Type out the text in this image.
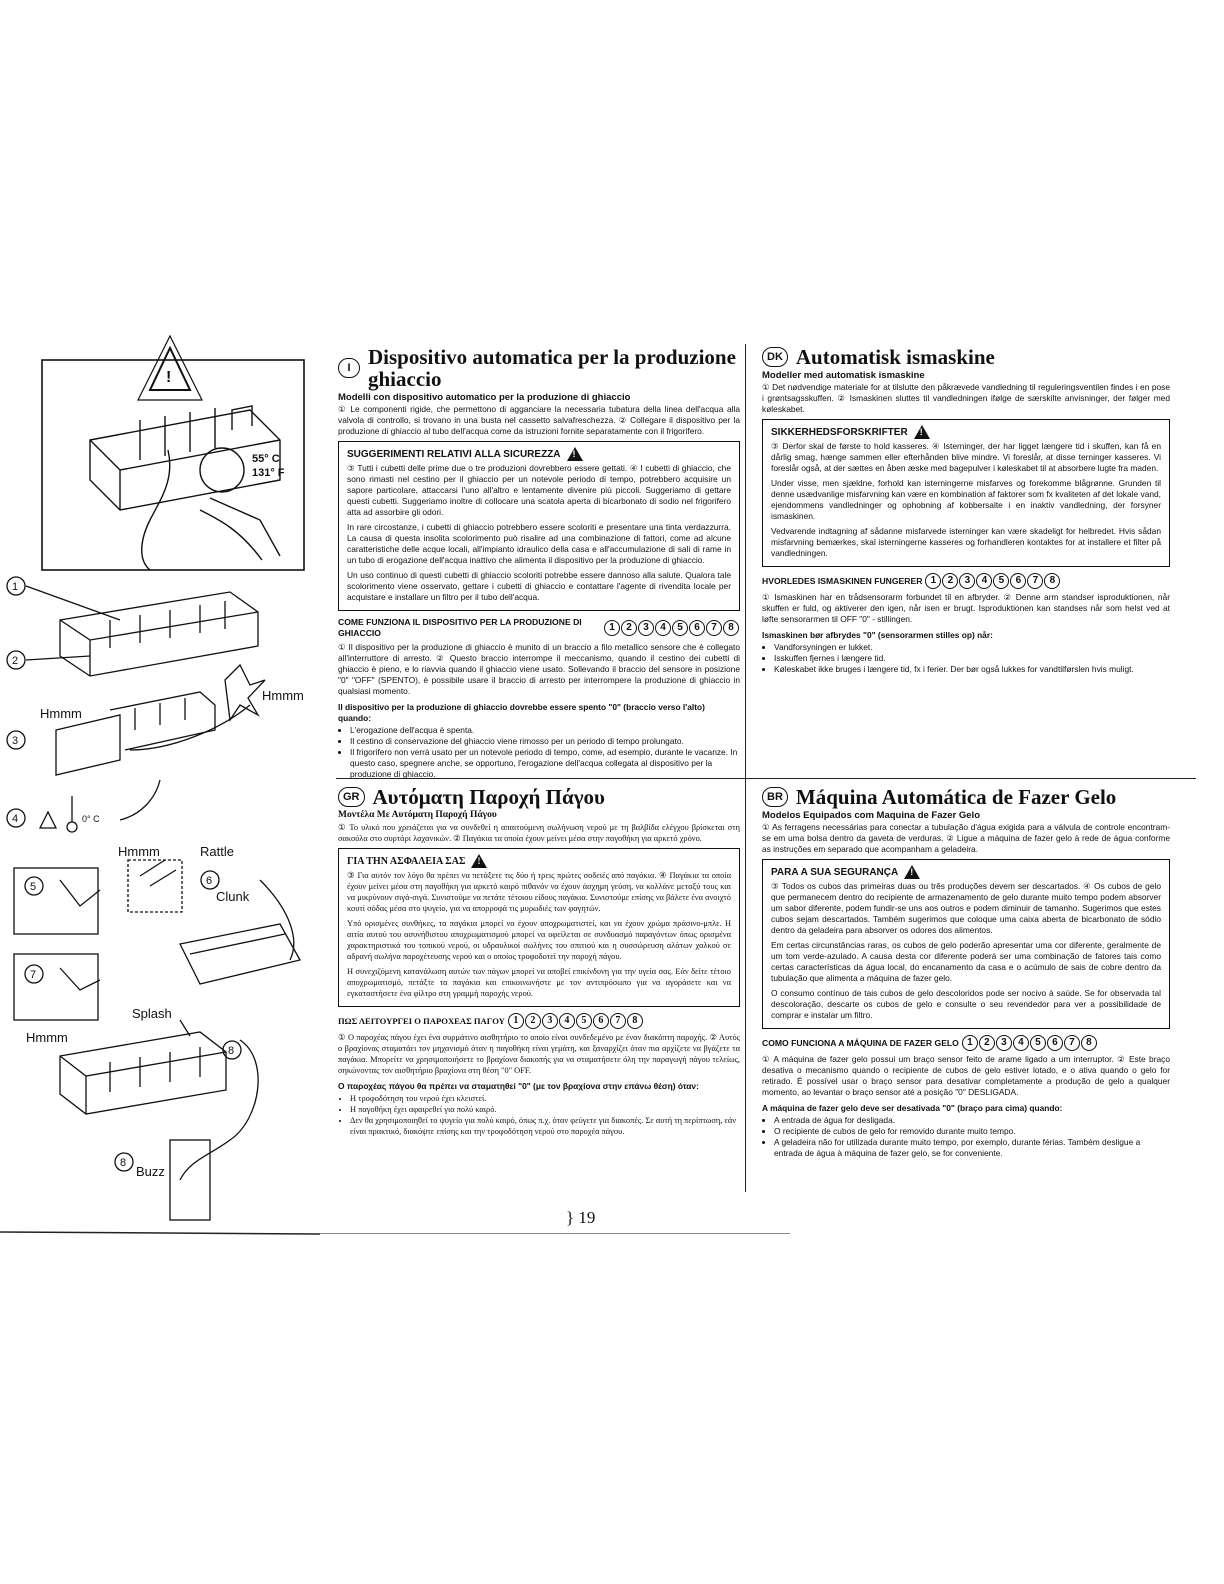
!
55° C
131° F
1
2
3
Hmmm
Hmmm
4	0° C
5
7
Hmmm	Rattle
6
Clunk
8
8
Splash
Hmmm
Buzz
I Dispositivo automatica per la produzione ghiaccio
Modelli con dispositivo automatico per la produzione di ghiaccio

① Le componenti rigide, che permettono di agganciare la necessaria tubatura della linea dell'acqua alla valvola di controllo, si trovano in una busta nel cassetto salvafreschezza. ② Collegare il dispositivo per la produzione di ghiaccio al tubo dell'acqua come da istruzioni fornite separatamente con il frigorifero.

SUGGERIMENTI RELATIVI ALLA SICUREZZA
!

③ Tutti i cubetti delle prime due o tre produzioni dovrebbero essere gettati. ④ I cubetti di ghiaccio, che sono rimasti nel cestino per il ghiaccio per un notevole periodo di tempo, potrebbero acquisire un sapore particolare, attaccarsi l'uno all'altro e lentamente divenire più piccoli. Suggeriamo di gettare questi cubetti. Suggeriamo inoltre di collocare una scatola aperta di bicarbonato di sodio nel frigorifero atta ad assorbire gli odori.

In rare circostanze, i cubetti di ghiaccio potrebbero essere scoloriti e presentare una tinta verdazzurra. La causa di questa insolita scolorimento può risalire ad una combinazione di fattori, come ad alcune caratteristiche delle acque locali, all'impianto idraulico della casa e all'accumulazione di sali di rame in un tubo di erogazione dell'acqua inattivo che alimenta il dispositivo per la produzione di ghiaccio.

Un uso continuo di questi cubetti di ghiaccio scoloriti potrebbe essere dannoso alla salute. Qualora tale scolorimento viene osservato, gettare i cubetti di ghiaccio e contattare l'agente di rivendita locale per acquistare e installare un filtro per il tubo dell'acqua.

COME FUNZIONA IL DISPOSITIVO PER LA PRODUZIONE DI GHIACCIO	1	2	3	4	5	6	7	8

① Il dispositivo per la produzione di ghiaccio è munito di un braccio a filo metallico sensore che è collegato all'interruttore di arresto. ② Questo braccio interrompe il meccanismo, quando il cestino dei cubetti di ghiaccio è pieno, e lo riavvia quando il ghiaccio viene usato. Sollevando il braccio del sensore in posizione "0" "OFF" (SPENTO), è possibile usare il braccio di arresto per interrompere la produzione di ghiaccio in qualsiasi momento.

Il dispositivo per la produzione di ghiaccio dovrebbe essere spento "0" (braccio verso l'alto) quando:
• L'erogazione dell'acqua è spenta.
• Il cestino di conservazione del ghiaccio viene rimosso per un periodo di tempo prolungato.
• Il frigorifero non verrà usato per un notevole periodo di tempo, come, ad esempio, durante le vacanze. In questo caso, spegnere anche, se opportuno, l'erogazione dell'acqua collegata al dispositivo per la produzione di ghiaccio.
DK Automatisk ismaskine
Modeller med automatisk ismaskine

① Det nødvendige materiale for at tilslutte den påkrævede vandledning til reguleringsventilen findes i en pose i grøntsagsskuffen. ② Ismaskinen sluttes til vandledningen ifølge de særskilte anvisninger, der følger med køleskabet.

SIKKERHEDSFORSKRIFTER
!

③ Derfor skal de første to hold kasseres. ④ Isterninger, der har ligget længere tid i skuffen, kan få en dårlig smag, hænge sammen eller efterhånden blive mindre. Vi foreslår, at disse terninger kasseres. Vi foreslår også, at der sættes en åben æske med bagepulver i køleskabet til at absorbere lugte fra maden.

Under visse, men sjældne, forhold kan isterningerne misfarves og forekomme blågrønne. Grunden til denne usædvanlige misfarvning kan være en kombination af faktorer som fx kvaliteten af det lokale vand, ejendommens vandledninger og ophobning af kobbersalte i en inaktiv vandledning, der forsyner ismaskinen.

Vedvarende indtagning af sådanne misfarvede isterninger kan være skadeligt for helbredet. Hvis sådan misfarvning bemærkes, skal isterningerne kasseres og forhandleren kontaktes for at installere et filter på vandledningen.

HVORLEDES ISMASKINEN FUNGERER 1	2	3	4	5	6	7	8

① Ismaskinen har en trådsensorarm forbundet til en afbryder. ② Denne arm standser isproduktionen, når skuffen er fuld, og aktiverer den igen, når isen er brugt. Isproduktionen kan standses når som helst ved at løfte sensorarmen til OFF "0" - stillingen.

Ismaskinen bør afbrydes "0" (sensorarmen stilles op) når:
• Vandforsyningen er lukket.
• Isskuffen fjernes i længere tid.
• Køleskabet ikke bruges i længere tid, fx i ferier. Der bør også lukkes for vandtilførslen hvis muligt.
GR Αυτόματη Παροχή Πάγου
Μοντέλα Με Αυτόματη Παροχή Πάγου

① Το υλικό που χρειάζεται για να συνδεθεί η απαιτούμενη σωλήνωση νερού με τη βαλβίδα ελέγχου βρίσκεται στη σακούλα στο συρτάρι λαχανικών. ② Παγάκια τα οποία έχουν μείνει μέσα στην παγοθήκη για αρκετό χρόνο.

ΓΙΑ ΤΗΝ ΑΣΦΑΛΕΙΑ ΣΑΣ
!

③ Για αυτόν τον λόγο θα πρέπει να πετάξετε τις δύο ή τρεις πρώτες σοδειές από παγάκια. ④ Παγάκια τα οποία έχουν μείνει μέσα στη παγοθήκη για αρκετό καιρό πιθανόν να έχουν άσχημη γεύση, να κολλάνε μεταξύ τους και να μικρύνουν σιγά-σιγά. Συνιστούμε να πετάτε τέτοιου είδους παγάκια. Συνιστούμε επίσης να βάλετε ένα ανοιχτό κουτί σόδας μέσα στο ψυγείο, για να απορροφά τις μυρωδιές των φαγητών.

Υπό ορισμένες συνθήκες, τα παγάκια μπορεί να έχουν αποχρωματιστεί, και να έχουν χρώμα πράσινο-μπλε. Η αιτία αυτού του ασυνήθιστου αποχρωματισμού μπορεί να οφείλεται σε συνδυασμό παραγόντων όπως ορισμένα χαρακτηριστικά του τοπικού νερού, οι υδραυλικοί σωλήνες του σπιτιού και η συσσώρευση αλάτων χαλκού σε αδρανή σωλήνα παροχέτευσης νερού και ο οποίος τροφοδοτεί την παροχή πάγου.

Η συνεχιζόμενη κατανάλωση αυτών των πάγων μπορεί να αποβεί επικίνδυνη για την υγεία σας. Εάν δείτε τέτοιο αποχρωματισμό, πετάξτε τα παγάκια και επικοινωνήστε με τον αντιπρόσωπο για να αγοράσετε και να εγκαταστήσετε ένα φίλτρο στη γραμμή παροχής νερού.

ΠΩΣ ΛΕΙΤΟΥΡΓΕΙ Ο ΠΑΡΟΧΕΑΣ ΠΑΓΟΥ 1	2	3	4	5	6	7	8

① Ο παροχέας πάγου έχει ένα συρμάτινο αισθητήριο το οποίο είναι συνδεδεμένο με έναν διακόπτη παροχής. ② Αυτός ο βραχίονας σταματάει τον μηχανισμό όταν η παγοθήκη είναι γεμάτη, και ξαναρχίζει όταν πια αρχίζετε να βγάζετε τα παγάκια. Μπορείτε να χρησιμοποιήσετε το βραχίονα διακοπής για να σταματήσετε όλη την παραγωγή πάγου τελείως, σηκώνοντας τον αισθητήριο βραχίονα στη θέση "0" OFF.

Ο παροχέας πάγου θα πρέπει να σταματηθεί "0" (με τον βραχίονα στην επάνω θέση) όταν:
• Η τροφοδότηση του νερού έχει κλειστεί.
• Η παγοθήκη έχει αφαιρεθεί για πολύ καιρό.
• Δεν θα χρησιμοποιηθεί το ψυγείο για πολύ καιρό, όπως π.χ. όταν φεύγετε για διακοπές. Σε αυτή τη περίπτωση, εάν είναι πρακτικό, διακόψτε επίσης και την τροφοδότηση νερού στο παροχέα πάγου.
BR Máquina Automática de Fazer Gelo
Modelos Equipados com Maquina de Fazer Gelo

① As ferragens necessárias para conectar a tubulação d'água exigida para a válvula de controle encontram-se em uma bolsa dentro da gaveta de verduras. ② Ligue a máquina de fazer gelo à rede de água conforme as instruções em separado que acompanham a geladeira.

PARA A SUA SEGURANÇA
!

③ Todos os cubos das primeiras duas ou três produções devem ser descartados. ④ Os cubos de gelo que permanecem dentro do recipiente de armazenamento de gelo durante muito tempo podem absorver um sabor diferente, podem fundir-se uns aos outros e podem diminuir de tamanho. Sugerimos que estes cubos sejam descartados. Também sugerimos que coloque uma caixa aberta de bicarbonato de sódio dentro da geladeira para absorver os odores dos alimentos.

Em certas circunstâncias raras, os cubos de gelo poderão apresentar uma cor diferente, geralmente de um tom verde-azulado. A causa desta cor diferente poderá ser uma combinação de fatores tais como certas características da água local, do encanamento da casa e o acúmulo de sais de cobre dentro da tubulação que alimenta a máquina de fazer gelo.

O consumo contínuo de tais cubos de gelo descoloridos pode ser nocivo à saúde. Se for observada tal descoloração, descarte os cubos de gelo e consulte o seu revendedor para ver a possibilidade de comprar e instalar um filtro.

COMO FUNCIONA A MÁQUINA DE FAZER GELO 1	2	3	4	5	6	7	8

① A máquina de fazer gelo possui um braço sensor feito de arame ligado a um interruptor. ② Este braço desativa o mecanismo quando o recipiente de cubos de gelo estiver lotado, e o ativa quando o gelo for retirado. É possível usar o braço sensor para desativar completamente a produção de gelo a qualquer momento, ao levantar o braço sensor até a posição "0" DESLIGADA.

A máquina de fazer gelo deve ser desativada "0" (braço para cima) quando:
• A entrada de água for desligada.
• O recipiente de cubos de gelo for removido durante muito tempo.
• A geladeira não for utilizada durante muito tempo, por exemplo, durante férias. Também desligue a entrada de água à máquina de fazer gelo, se for conveniente.
} 19
